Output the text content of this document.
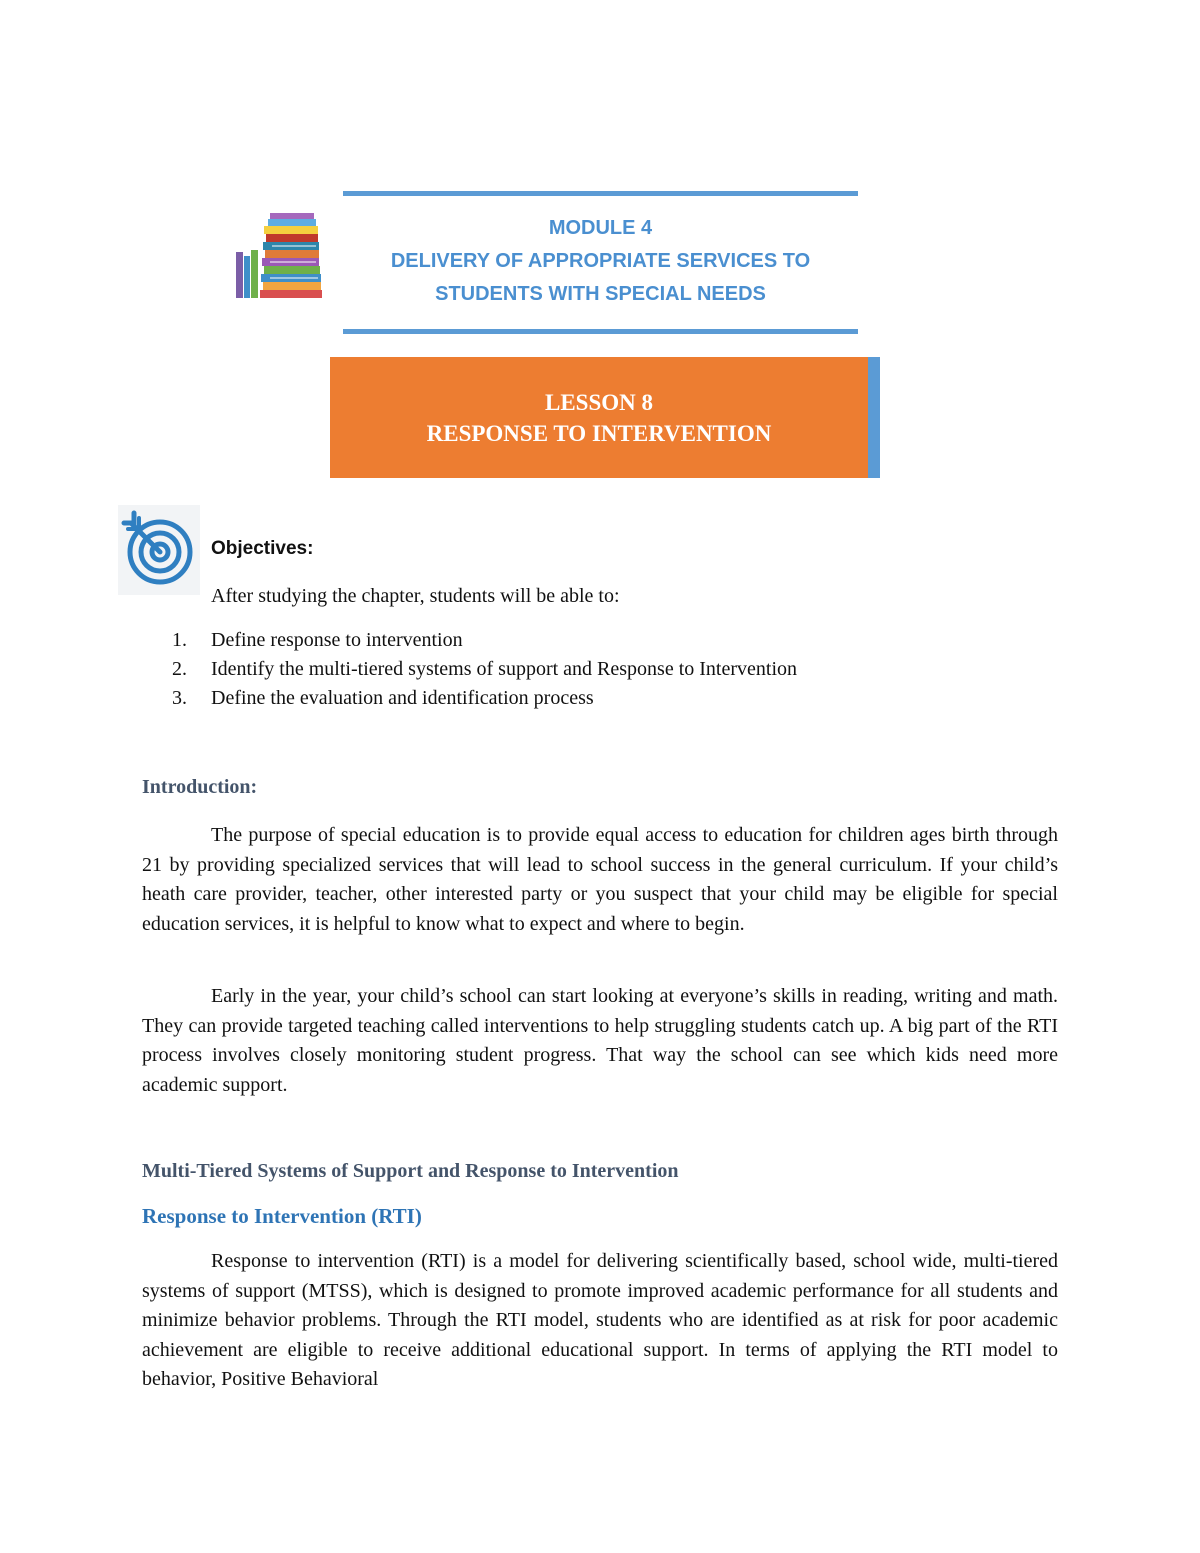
MODULE 4
DELIVERY OF APPROPRIATE SERVICES TO
STUDENTS WITH SPECIAL NEEDS
LESSON 8
RESPONSE TO INTERVENTION
Objectives:
After studying the chapter, students will be able to:
1. Define response to intervention
2. Identify the multi-tiered systems of support and Response to Intervention
3. Define the evaluation and identification process
Introduction:

The purpose of special education is to provide equal access to education for children ages birth through 21 by providing specialized services that will lead to school success in the general curriculum. If your child’s heath care provider, teacher, other interested party or you suspect that your child may be eligible for special education services, it is helpful to know what to expect and where to begin.

Early in the year, your child’s school can start looking at everyone’s skills in reading, writing and math. They can provide targeted teaching called interventions to help struggling students catch up. A big part of the RTI process involves closely monitoring student progress. That way the school can see which kids need more academic support.

Multi-Tiered Systems of Support and Response to Intervention
Response to Intervention (RTI)

Response to intervention (RTI) is a model for delivering scientifically based, school wide, multi-tiered systems of support (MTSS), which is designed to promote improved academic performance for all students and minimize behavior problems. Through the RTI model, students who are identified as at risk for poor academic achievement are eligible to receive additional educational support. In terms of applying the RTI model to behavior, Positive Behavioral
